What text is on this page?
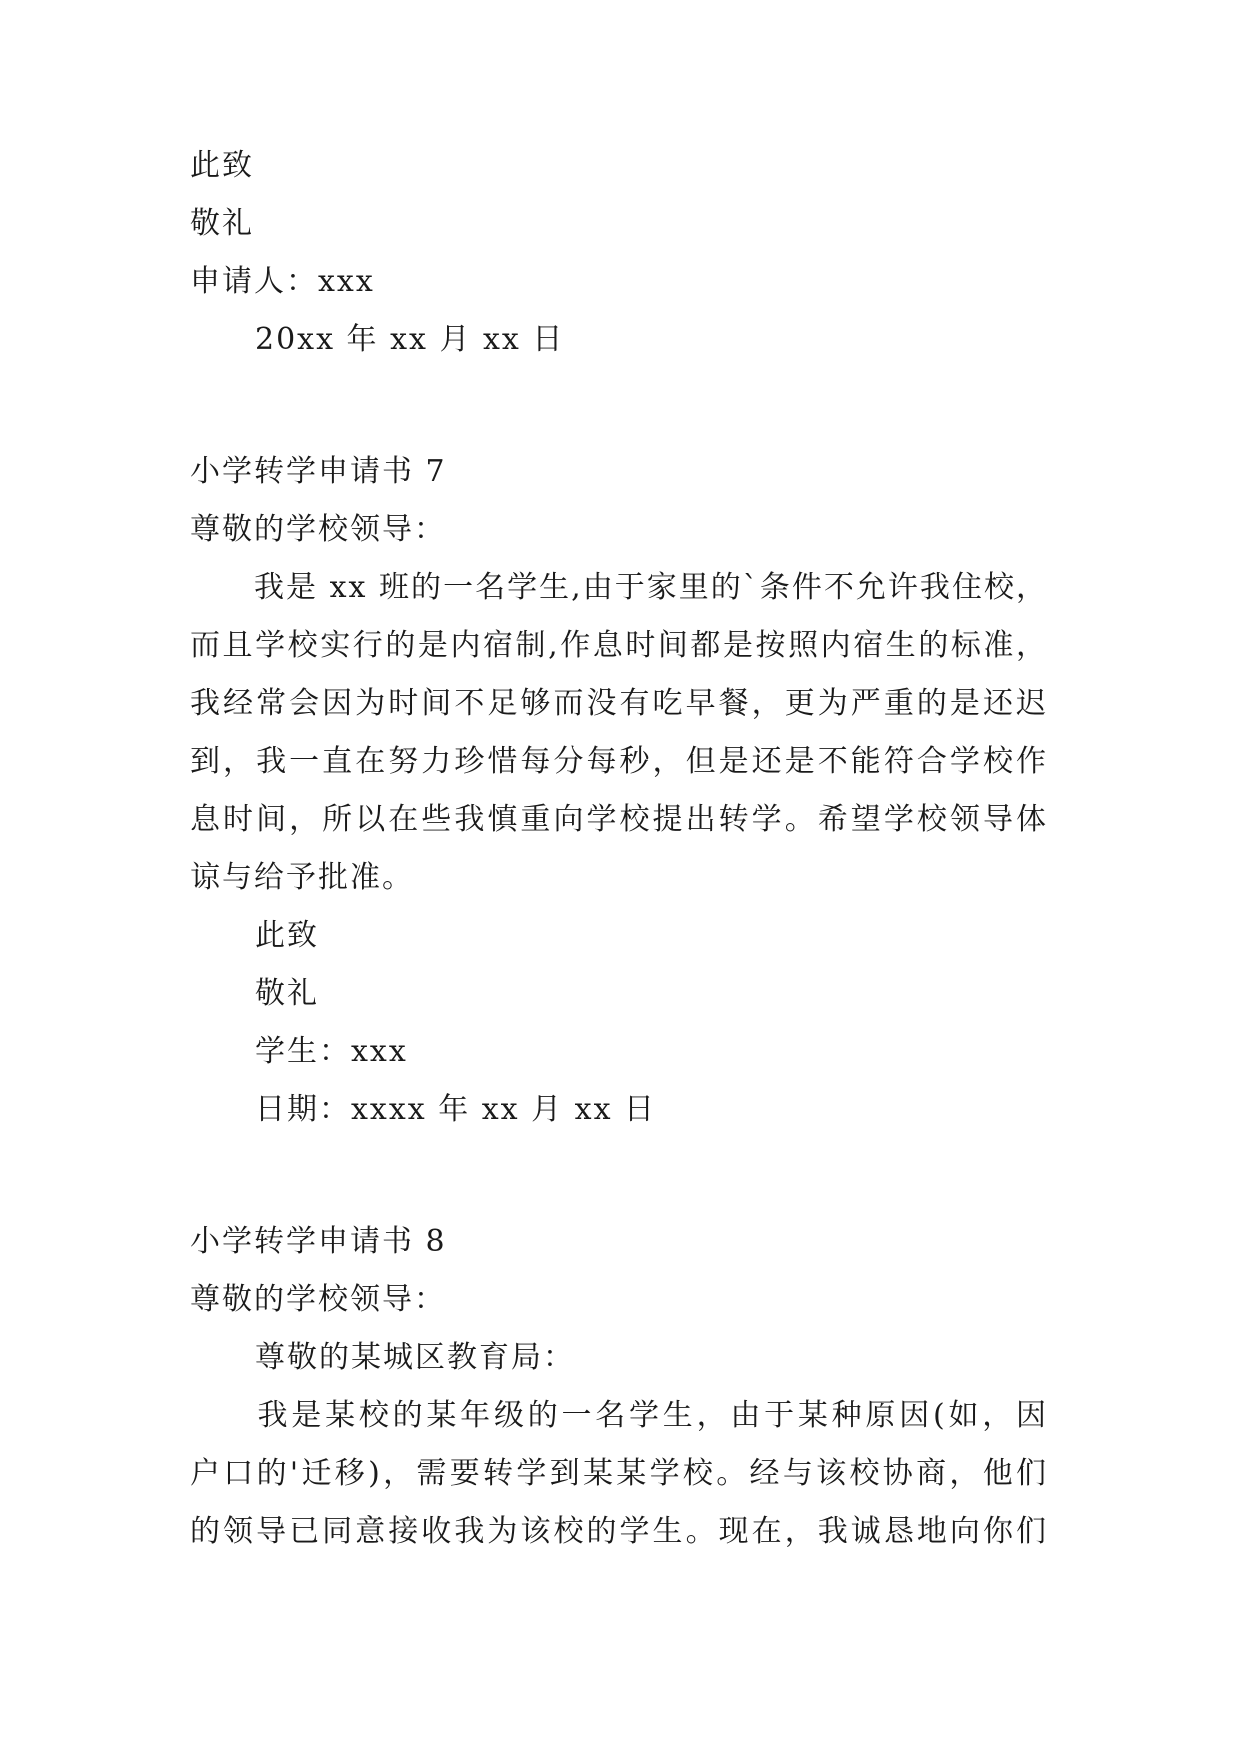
此致
敬礼
申请人：xxx
20xx 年 xx 月 xx 日
小学转学申请书 7
尊敬的学校领导：
　　我是 xx 班的一名学生,由于家里的`条件不允许我住校，
而且学校实行的是内宿制,作息时间都是按照内宿生的标准，
我经常会因为时间不足够而没有吃早餐，更为严重的是还迟
到，我一直在努力珍惜每分每秒，但是还是不能符合学校作
息时间，所以在些我慎重向学校提出转学。希望学校领导体
谅与给予批准。
此致
敬礼
学生：xxx
日期：xxxx 年 xx 月 xx 日
小学转学申请书 8
尊敬的学校领导：
尊敬的某城区教育局：
　　我是某校的某年级的一名学生，由于某种原因(如，因
户口的'迁移)，需要转学到某某学校。经与该校协商，他们
的领导已同意接收我为该校的学生。现在，我诚恳地向你们
